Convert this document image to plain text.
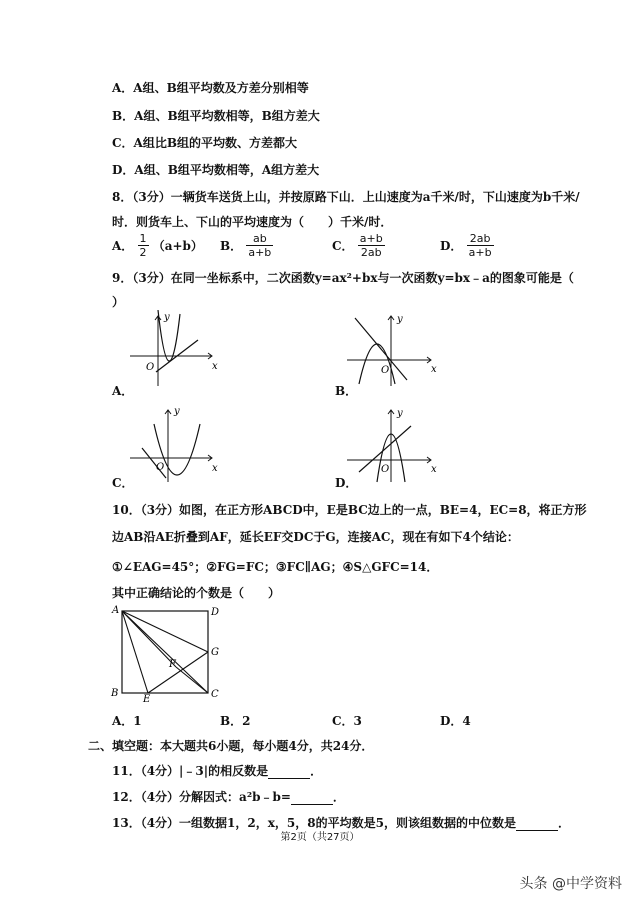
A．A组、B组平均数及方差分别相等
B．A组、B组平均数相等，B组方差大
C．A组比B组的平均数、方差都大
D．A组、B组平均数相等，A组方差大
8．（3分）一辆货车送货上山，并按原路下山．上山速度为a千米/时，下山速度为b千米/
时．则货车上、下山的平均速度为（　　）千米/时．
A． $\frac{1}{2} (a+b)$ B． $\frac{ab}{a+b}$	C． $\frac{a+b}{2ab}$	D． $\frac{2ab}{a+b}$
9．（3分）在同一坐标系中，二次函数y=ax²+bx与一次函数y=bx﹣a的图象可能是（
）
y
x
O
A．
y
x
O
B．
y
x
O
C．
y
x
O
D．
10．（3分）如图，在正方形ABCD中，E是BC边上的一点，BE=4，EC=8，将正方形
边AB沿AE折叠到AF，延长EF交DC于G，连接AC，现在有如下4个结论：
①∠EAG=45°；②FG=FC；③FC∥AG；④S△GFC=14．
其中正确结论的个数是（　　）
A	D
G
F
B
E	C
A．1	B．2	C．3	D．4
二、填空题：本大题共6小题，每小题4分，共24分．
11．（4分）|﹣3|的相反数是	．
12．（4分）分解因式：a²b﹣b=	．
13．（4分）一组数据1，2，x，5，8的平均数是5，则该组数据的中位数是	．
第2页（共27页）
头条 @中学资料
